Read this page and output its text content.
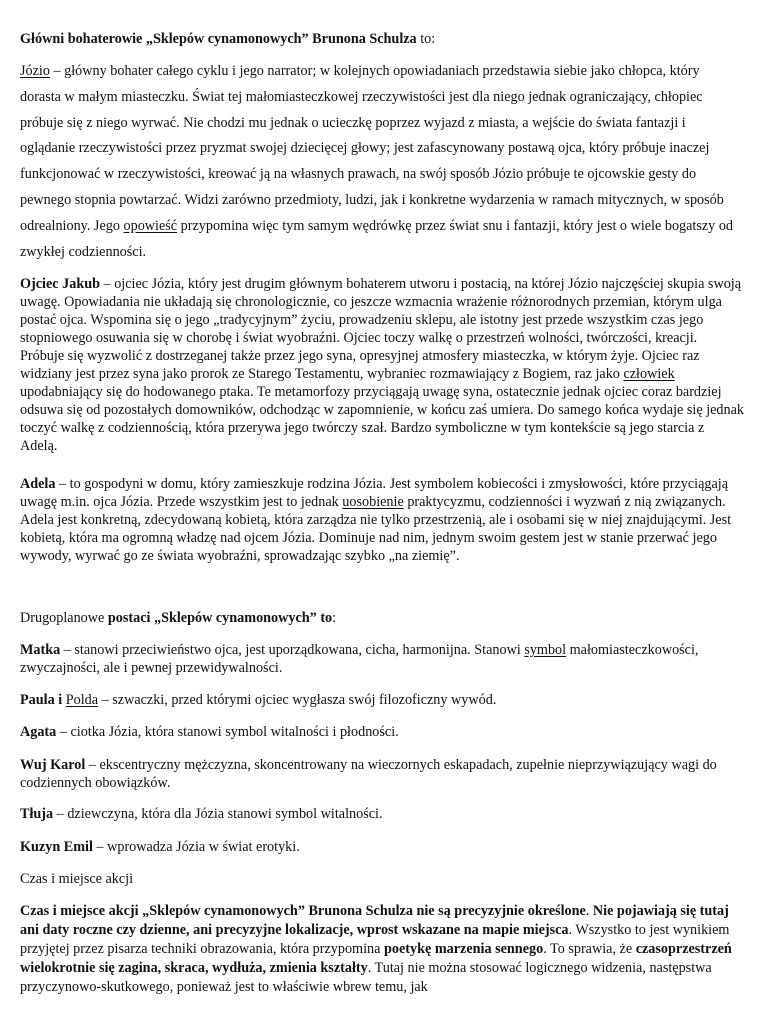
Główni bohaterowie „Sklepów cynamonowych” Brunona Schulza to:

Józio – główny bohater całego cyklu i jego narrator; w kolejnych opowiadaniach przedstawia siebie jako chłopca, który dorasta w małym miasteczku. Świat tej małomiasteczkowej rzeczywistości jest dla niego jednak ograniczający, chłopiec próbuje się z niego wyrwać. Nie chodzi mu jednak o ucieczkę poprzez wyjazd z miasta, a wejście do świata fantazji i oglądanie rzeczywistości przez pryzmat swojej dziecięcej głowy; jest zafascynowany postawą ojca, który próbuje inaczej funkcjonować w rzeczywistości, kreować ją na własnych prawach, na swój sposób Józio próbuje te ojcowskie gesty do pewnego stopnia powtarzać. Widzi zarówno przedmioty, ludzi, jak i konkretne wydarzenia w ramach mitycznych, w sposób odrealniony. Jego opowieść przypomina więc tym samym wędrówkę przez świat snu i fantazji, który jest o wiele bogatszy od zwykłej codzienności.

Ojciec Jakub – ojciec Józia, który jest drugim głównym bohaterem utworu i postacią, na której Józio najczęściej skupia swoją uwagę. Opowiadania nie układają się chronologicznie, co jeszcze wzmacnia wrażenie różnorodnych przemian, którym ulga postać ojca. Wspomina się o jego „tradycyjnym” życiu, prowadzeniu sklepu, ale istotny jest przede wszystkim czas jego stopniowego osuwania się w chorobę i świat wyobraźni. Ojciec toczy walkę o przestrzeń wolności, twórczości, kreacji. Próbuje się wyzwolić z dostrzeganej także przez jego syna, opresyjnej atmosfery miasteczka, w którym żyje. Ojciec raz widziany jest przez syna jako prorok ze Starego Testamentu, wybraniec rozmawiający z Bogiem, raz jako człowiek upodabniający się do hodowanego ptaka. Te metamorfozy przyciągają uwagę syna, ostatecznie jednak ojciec coraz bardziej odsuwa się od pozostałych domowników, odchodząc w zapomnienie, w końcu zaś umiera. Do samego końca wydaje się jednak toczyć walkę z codziennością, która przerywa jego twórczy szał. Bardzo symboliczne w tym kontekście są jego starcia z Adelą.

Adela – to gospodyni w domu, który zamieszkuje rodzina Józia. Jest symbolem kobiecości i zmysłowości, które przyciągają uwagę m.in. ojca Józia. Przede wszystkim jest to jednak uosobienie praktycyzmu, codzienności i wyzwań z nią związanych. Adela jest konkretną, zdecydowaną kobietą, która zarządza nie tylko przestrzenią, ale i osobami się w niej znajdującymi. Jest kobietą, która ma ogromną władzę nad ojcem Józia. Dominuje nad nim, jednym swoim gestem jest w stanie przerwać jego wywody, wyrwać go ze świata wyobraźni, sprowadzając szybko „na ziemię”.

Drugoplanowe postaci „Sklepów cynamonowych” to:

Matka – stanowi przeciwieństwo ojca, jest uporządkowana, cicha, harmonijna. Stanowi symbol małomiasteczkowości, zwyczajności, ale i pewnej przewidywalności.

Paula i Polda – szwaczki, przed którymi ojciec wygłasza swój filozoficzny wywód.

Agata – ciotka Józia, która stanowi symbol witalności i płodności.

Wuj Karol – ekscentryczny mężczyzna, skoncentrowany na wieczornych eskapadach, zupełnie nieprzywiązujący wagi do codziennych obowiązków.

Tłuja – dziewczyna, która dla Józia stanowi symbol witalności.

Kuzyn Emil – wprowadza Józia w świat erotyki.

Czas i miejsce akcji

Czas i miejsce akcji „Sklepów cynamonowych” Brunona Schulza nie są precyzyjnie określone. Nie pojawiają się tutaj ani daty roczne czy dzienne, ani precyzyjne lokalizacje, wprost wskazane na mapie miejsca. Wszystko to jest wynikiem przyjętej przez pisarza techniki obrazowania, która przypomina poetykę marzenia sennego. To sprawia, że czasoprzestrzeń wielokrotnie się zagina, skraca, wydłuża, zmienia kształty. Tutaj nie można stosować logicznego widzenia, następstwa przyczynowo-skutkowego, ponieważ jest to właściwie wbrew temu, jak
